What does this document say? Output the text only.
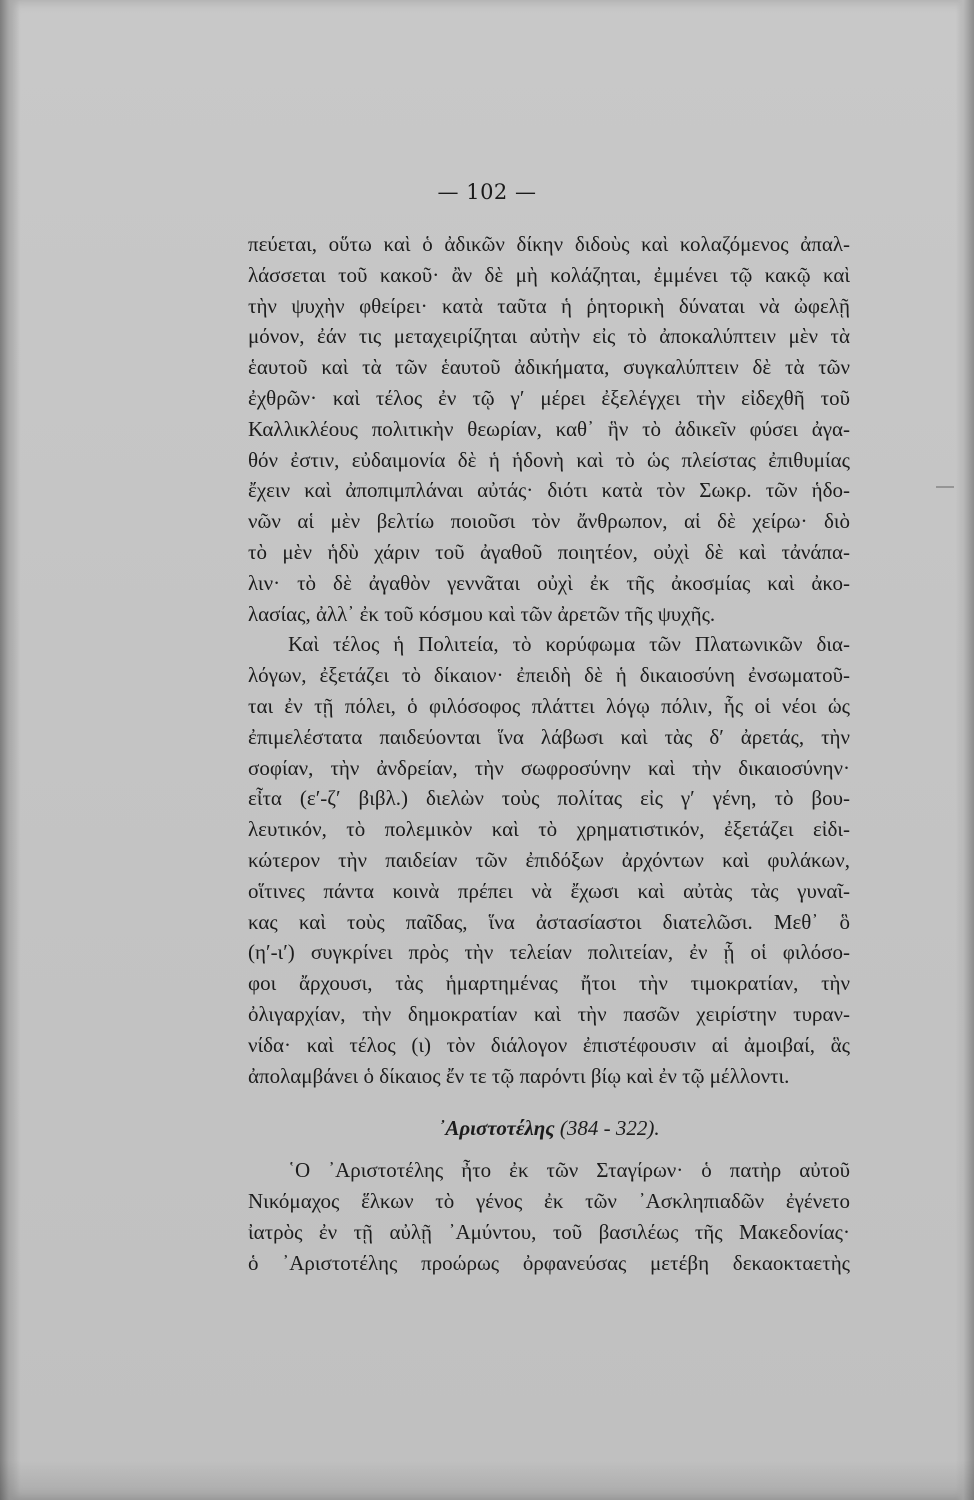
— 102 —
πεύεται, οὕτω καὶ ὁ ἀδικῶν δίκην διδοὺς καὶ κολαζόμενος ἀπαλ-
λάσσεται τοῦ κακοῦ· ἂν δὲ μὴ κολάζηται, ἐμμένει τῷ κακῷ καὶ
τὴν ψυχὴν φθείρει· κατὰ ταῦτα ἡ ῥητορικὴ δύναται νὰ ὠφελῇ
μόνον, ἐάν τις μεταχειρίζηται αὐτὴν εἰς τὸ ἀποκαλύπτειν μὲν τὰ
ἑαυτοῦ καὶ τὰ τῶν ἑαυτοῦ ἀδικήματα, συγκαλύπτειν δὲ τὰ τῶν
ἐχθρῶν· καὶ τέλος ἐν τῷ γ′ μέρει ἐξελέγχει τὴν εἰδεχθῆ τοῦ
Καλλικλέους πολιτικὴν θεωρίαν, καθ᾿ ἣν τὸ ἀδικεῖν φύσει ἀγα-
θόν ἐστιν, εὐδαιμονία δὲ ἡ ἡδονὴ καὶ τὸ ὡς πλείστας ἐπιθυμίας
ἔχειν καὶ ἀποπιμπλάναι αὐτάς· διότι κατὰ τὸν Σωκρ. τῶν ἡδο-
νῶν αἱ μὲν βελτίω ποιοῦσι τὸν ἄνθρωπον, αἱ δὲ χείρω· διὸ
τὸ μὲν ἡδὺ χάριν τοῦ ἀγαθοῦ ποιητέον, οὐχὶ δὲ καὶ τἀνάπα-
λιν· τὸ δὲ ἀγαθὸν γεννᾶται οὐχὶ ἐκ τῆς ἀκοσμίας καὶ ἀκο-
λασίας, ἀλλ᾿ ἐκ τοῦ κόσμου καὶ τῶν ἀρετῶν τῆς ψυχῆς.
Καὶ τέλος ἡ Πολιτεία, τὸ κορύφωμα τῶν Πλατωνικῶν δια-
λόγων, ἐξετάζει τὸ δίκαιον· ἐπειδὴ δὲ ἡ δικαιοσύνη ἐνσωματοῦ-
ται ἐν τῇ πόλει, ὁ φιλόσοφος πλάττει λόγῳ πόλιν, ἧς οἱ νέοι ὡς
ἐπιμελέστατα παιδεύονται ἵνα λάβωσι καὶ τὰς δ′ ἀρετάς, τὴν
σοφίαν, τὴν ἀνδρείαν, τὴν σωφροσύνην καὶ τὴν δικαιοσύνην·
εἶτα (ε′-ζ′ βιβλ.) διελὼν τοὺς πολίτας εἰς γ′ γένη, τὸ βου-
λευτικόν, τὸ πολεμικὸν καὶ τὸ χρηματιστικόν, ἐξετάζει εἰδι-
κώτερον τὴν παιδείαν τῶν ἐπιδόξων ἀρχόντων καὶ φυλάκων,
οἵτινες πάντα κοινὰ πρέπει νὰ ἔχωσι καὶ αὐτὰς τὰς γυναῖ-
κας καὶ τοὺς παῖδας, ἵνα ἀστασίαστοι διατελῶσι. Μεθ᾿ ὃ
(η′-ι′) συγκρίνει πρὸς τὴν τελείαν πολιτείαν, ἐν ᾗ οἱ φιλόσο-
φοι ἄρχουσι, τὰς ἡμαρτημένας ἤτοι τὴν τιμοκρατίαν, τὴν
ὀλιγαρχίαν, τὴν δημοκρατίαν καὶ τὴν πασῶν χειρίστην τυραν-
νίδα· καὶ τέλος (ι) τὸν διάλογον ἐπιστέφουσιν αἱ ἀμοιβαί, ἃς
ἀπολαμβάνει ὁ δίκαιος ἔν τε τῷ παρόντι βίῳ καὶ ἐν τῷ μέλλοντι.
᾿Αριστοτέλης (384 - 322).
῾Ο ᾿Αριστοτέλης ἦτο ἐκ τῶν Σταγίρων· ὁ πατὴρ αὐτοῦ
Νικόμαχος ἕλκων τὸ γένος ἐκ τῶν ᾿Ασκληπιαδῶν ἐγένετο
ἰατρὸς ἐν τῇ αὐλῇ ᾿Αμύντου, τοῦ βασιλέως τῆς Μακεδονίας·
ὁ ᾿Αριστοτέλης προώρως ὀρφανεύσας μετέβη δεκαοκταετὴς
